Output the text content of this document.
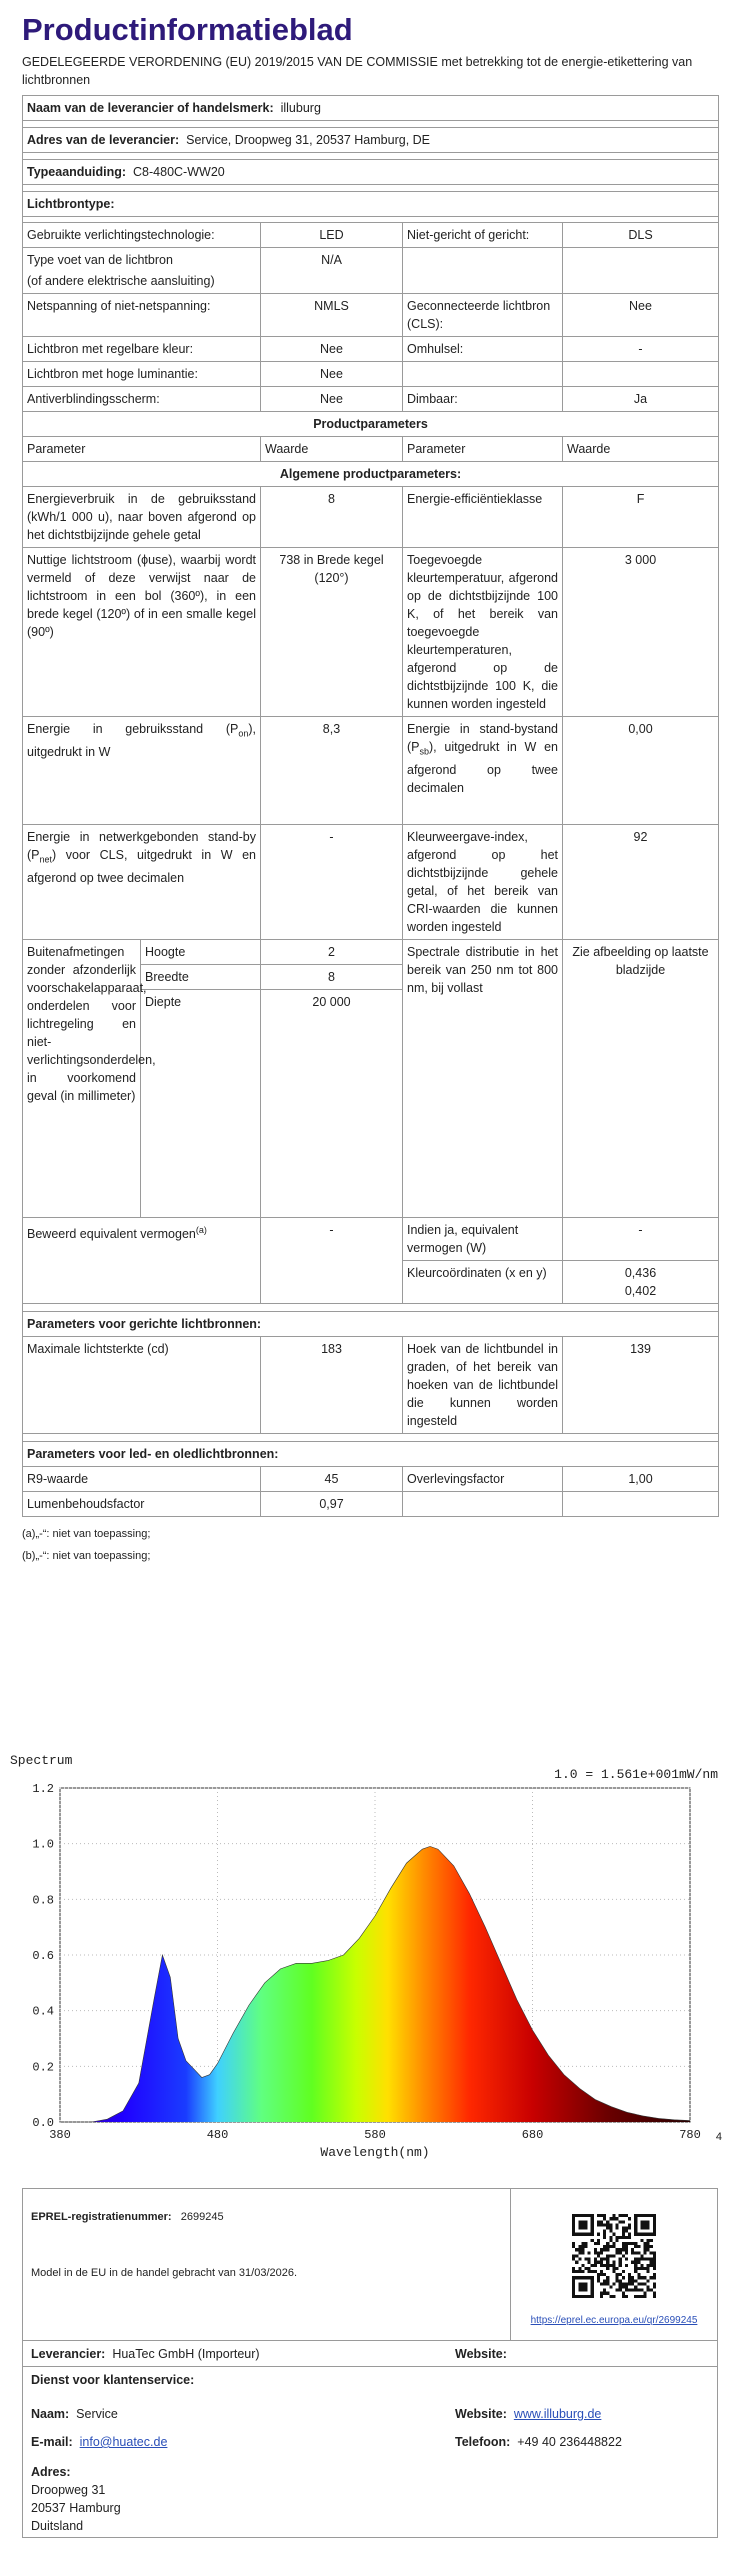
Productinformatieblad
GEDELEGEERDE VERORDENING (EU) 2019/2015 VAN DE COMMISSIE met betrekking tot de energie-etikettering van lichtbronnen
Naam van de leverancier of handelsmerk: illuburg				

Adres van de leverancier: Service, Droopweg 31, 20537 Hamburg, DE				

Typeaanduiding: C8-480C-WW20				

Lichtbrontype:				

Gebruikte verlichtingstechnologie:		LED	Niet-gericht of gericht:	DLS

Type voet van de lichtbron
(of andere elektrische aansluiting)		N/A		
Netspanning of niet-netspanning:		NMLS	Geconnecteerde lichtbron (CLS):	Nee
Lichtbron met regelbare kleur:		Nee	Omhulsel:	-
Lichtbron met hoge luminantie:		Nee		
Antiverblindingsscherm:		Nee	Dimbaar:	Ja
Productparameters				
Parameter		Waarde	Parameter	Waarde
Algemene productparameters:				
Energieverbruik in de gebruiksstand (kWh/1 000 u), naar boven afgerond op het dichtstbijzijnde gehele getal		8	Energie-efficiëntieklasse	F
Nuttige lichtstroom (ϕuse), waarbij wordt vermeld of deze verwijst naar de lichtstroom in een bol (360º), in een brede kegel (120º) of in een smalle kegel (90º)		738 in Brede kegel (120°)	Toegevoegde kleurtemperatuur, afgerond op de dichtstbijzijnde 100 K, of het bereik van toegevoegde kleurtemperaturen, afgerond op de dichtstbijzijnde 100 K, die kunnen worden ingesteld	3 000
Energie in gebruiksstand $(P_{on})$, uitgedrukt in W		8,3	Energie in stand-bystand $(P_{sb})$, uitgedrukt in W en afgerond op twee decimalen	0,00
Energie in netwerkgebonden stand-by $(P_{net})$ voor CLS, uitgedrukt in W en afgerond op twee decimalen		-	Kleurweergave-index, afgerond op het dichtstbijzijnde gehele getal, of het bereik van CRI-waarden die kunnen worden ingesteld	92
Buitenafmetingen zonder afzonderlijk voorschakelapparaat, onderdelen voor lichtregeling en niet-verlichtingsonderdelen, in voorkomend geval (in millimeter)	Hoogte	2	Spectrale distributie in het bereik van 250 nm tot 800 nm, bij vollast	Zie afbeelding op laatste bladzijde
	Breedte	8		
	Diepte	20 000		
Beweerd equivalent vermogen$^{(a)}$		-	Indien ja, equivalent vermogen (W)	-
			Kleurcoördinaten (x en y)	0,436
0,402

Parameters voor gerichte lichtbronnen:				
Maximale lichtsterkte (cd)		183	Hoek van de lichtbundel in graden, of het bereik van hoeken van de lichtbundel die kunnen worden ingesteld	139

Parameters voor led- en oledlichtbronnen:				
R9-waarde		45	Overlevingsfactor	1,00
Lumenbehoudsfactor		0,97		
(a)„-“: niet van toepassing;
(b)„-“: niet van toepassing;
Spectrum
1.0 = 1.561e+001mW/nm
0.0
0.2
0.4
0.6
0.8
1.0
1.2
380	480	580	680	780
Wavelength(nm)
4
EPREL-registratienummer: 2699245
Model in de EU in de handel gebracht van 31/03/2026.
https://eprel.ec.europa.eu/qr/2699245
Leverancier: HuaTec GmbH (Importeur)	Website:
Dienst voor klantenservice:
Naam: Service	Website: www.illuburg.de
E-mail: info@huatec.de	Telefoon: +49 40 236448822
Adres:
Droopweg 31
20537 Hamburg
Duitsland
